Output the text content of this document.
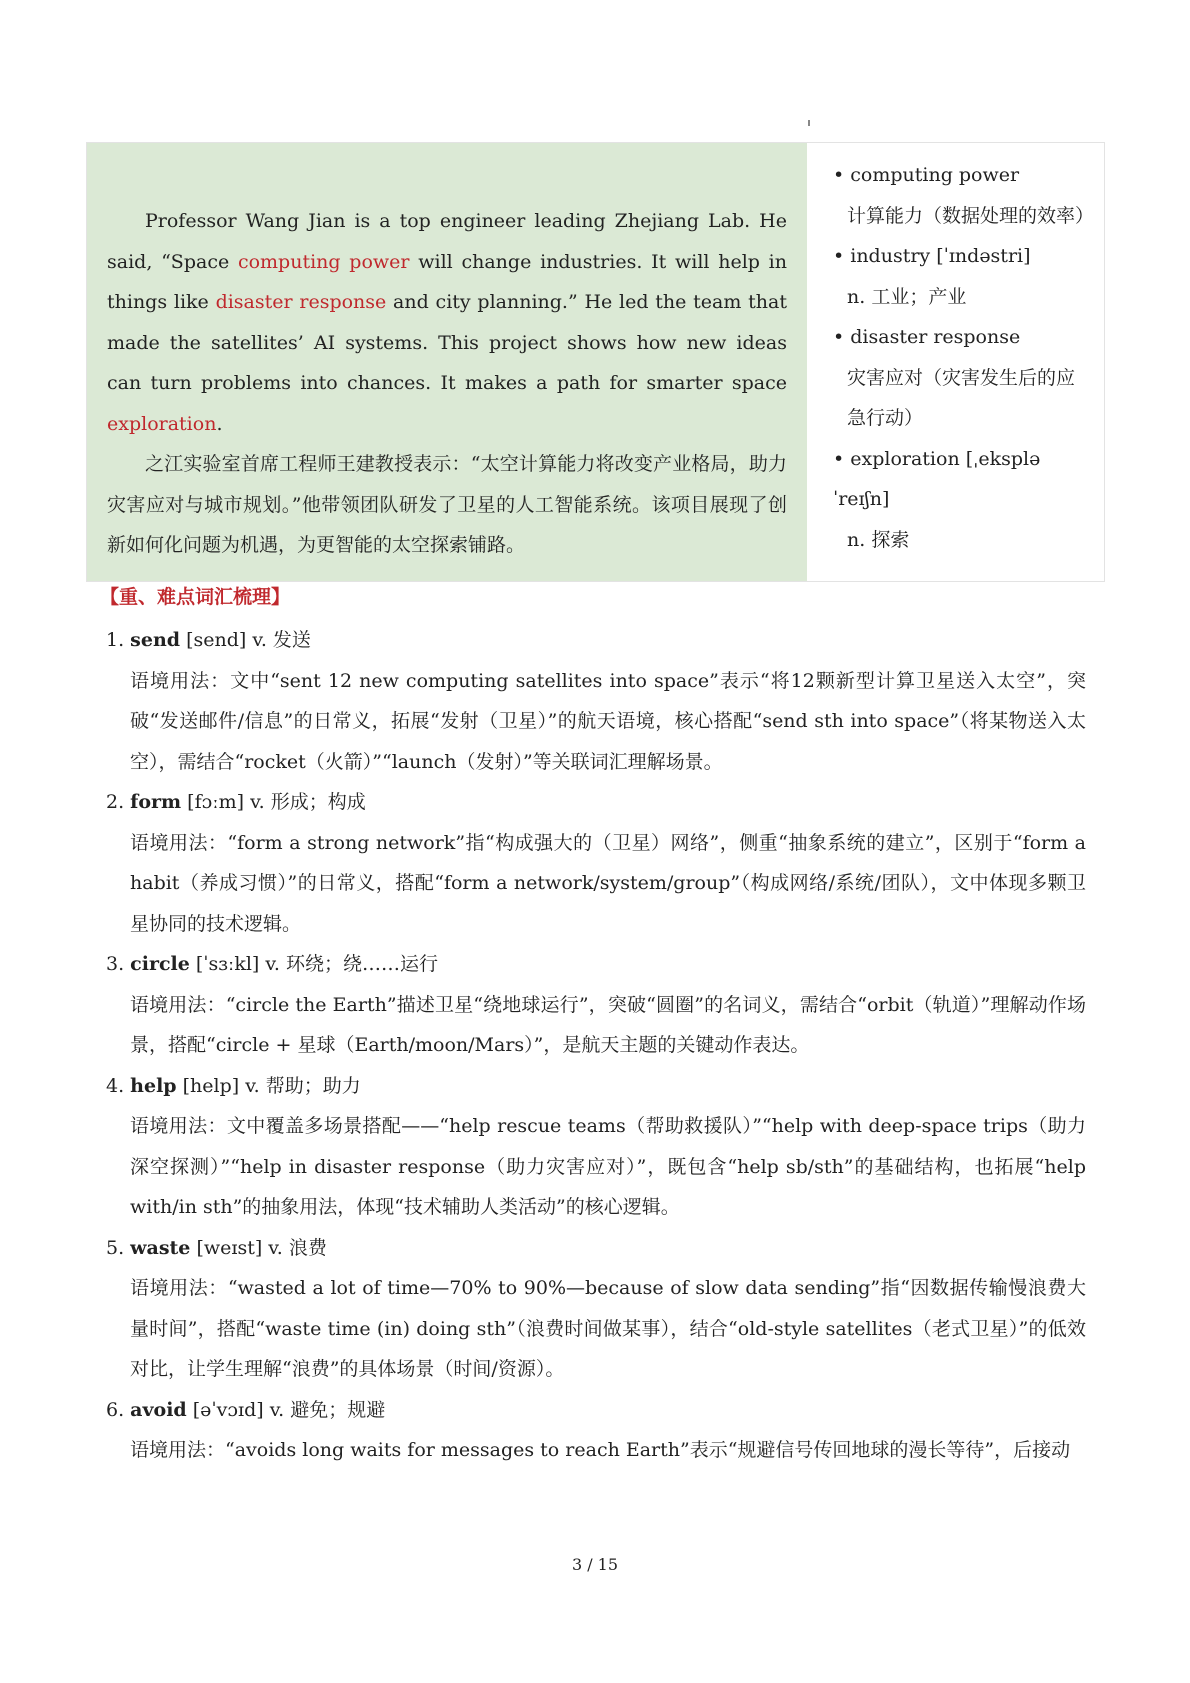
Professor Wang Jian is a top engineer leading Zhejiang Lab. He said, “Space computing power will change industries. It will help in things like disaster response and city planning.” He led the team that made the satellites’ AI systems. This project shows how new ideas can turn problems into chances. It makes a path for smarter space exploration.

之江实验室首席工程师王建教授表示：“太空计算能力将改变产业格局，助力灾害应对与城市规划。”他带领团队研发了卫星的人工智能系统。该项目展现了创新如何化问题为机遇，为更智能的太空探索铺路。

• computing power

计算能力（数据处理的效率）

• industry [ˈɪndəstri]

n. 工业；产业

• disaster response

灾害应对（灾害发生后的应急行动）

• exploration [ˌekspləˈreɪʃn]

n. 探索

【重、难点词汇梳理】

1. send [send] v. 发送

语境用法：文中“sent 12 new computing satellites into space”表示“将12颗新型计算卫星送入太空”，突破“发送邮件/信息”的日常义，拓展“发射（卫星）”的航天语境，核心搭配“send sth into space”（将某物送入太空），需结合“rocket（火箭）”“launch（发射）”等关联词汇理解场景。

2. form [fɔːm] v. 形成；构成

语境用法：“form a strong network”指“构成强大的（卫星）网络”，侧重“抽象系统的建立”，区别于“form a habit（养成习惯）”的日常义，搭配“form a network/system/group”（构成网络/系统/团队），文中体现多颗卫星协同的技术逻辑。

3. circle [ˈsɜːkl] v. 环绕；绕……运行

语境用法：“circle the Earth”描述卫星“绕地球运行”，突破“圆圈”的名词义，需结合“orbit（轨道）”理解动作场景，搭配“circle + 星球（Earth/moon/Mars）”，是航天主题的关键动作表达。

4. help [help] v. 帮助；助力

语境用法：文中覆盖多场景搭配——“help rescue teams（帮助救援队）”“help with deep-space trips（助力深空探测）”“help in disaster response（助力灾害应对）”，既包含“help sb/sth”的基础结构，也拓展“help with/in sth”的抽象用法，体现“技术辅助人类活动”的核心逻辑。

5. waste [weɪst] v. 浪费

语境用法：“wasted a lot of time—70% to 90%—because of slow data sending”指“因数据传输慢浪费大量时间”，搭配“waste time (in) doing sth”（浪费时间做某事），结合“old-style satellites（老式卫星）”的低效对比，让学生理解“浪费”的具体场景（时间/资源）。

6. avoid [əˈvɔɪd] v. 避免；规避

语境用法：“avoids long waits for messages to reach Earth”表示“规避信号传回地球的漫长等待”，后接动

3 / 15
